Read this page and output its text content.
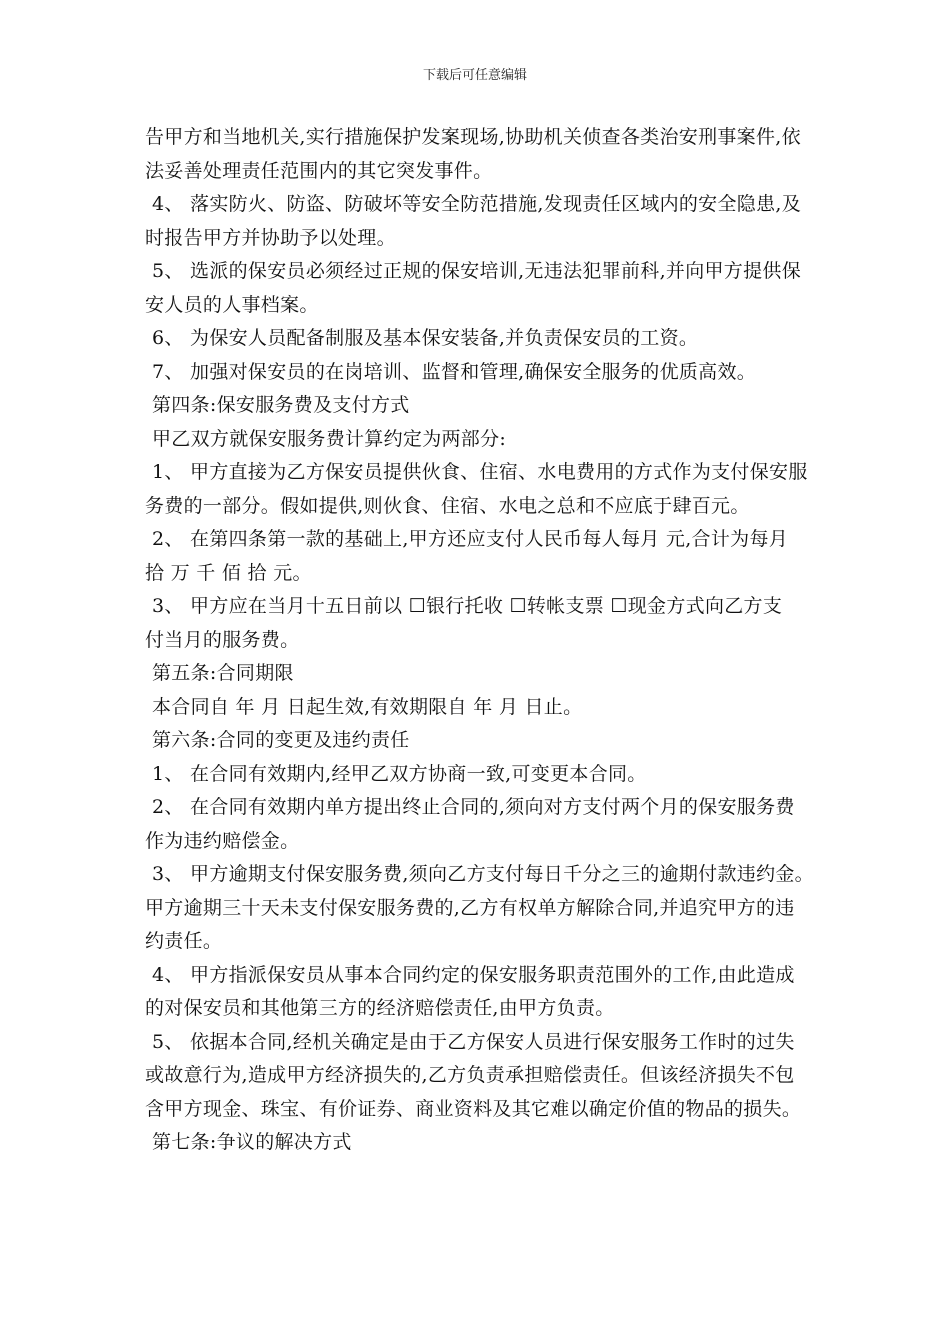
下载后可任意编辑
告甲方和当地机关,实行措施保护发案现场,协助机关侦查各类治安刑事案件,依
法妥善处理责任范围内的其它突发事件。
4、 落实防火、防盗、防破坏等安全防范措施,发现责任区域内的安全隐患,及
时报告甲方并协助予以处理。
5、 选派的保安员必须经过正规的保安培训,无违法犯罪前科,并向甲方提供保
安人员的人事档案。
6、 为保安人员配备制服及基本保安装备,并负责保安员的工资。
7、 加强对保安员的在岗培训、监督和管理,确保安全服务的优质高效。
第四条:保安服务费及支付方式
甲乙双方就保安服务费计算约定为两部分:
1、 甲方直接为乙方保安员提供伙食、住宿、水电费用的方式作为支付保安服
务费的一部分。假如提供,则伙食、住宿、水电之总和不应底于肆百元。
2、 在第四条第一款的基础上,甲方还应支付人民币每人每月 元,合计为每月
拾 万 千 佰 拾 元。
3、 甲方应在当月十五日前以 ☐银行托收 ☐转帐支票 ☐现金方式向乙方支
付当月的服务费。
第五条:合同期限
本合同自 年 月 日起生效,有效期限自 年 月 日止。
第六条:合同的变更及违约责任
1、 在合同有效期内,经甲乙双方协商一致,可变更本合同。
2、 在合同有效期内单方提出终止合同的,须向对方支付两个月的保安服务费
作为违约赔偿金。
3、 甲方逾期支付保安服务费,须向乙方支付每日千分之三的逾期付款违约金。
甲方逾期三十天未支付保安服务费的,乙方有权单方解除合同,并追究甲方的违
约责任。
4、 甲方指派保安员从事本合同约定的保安服务职责范围外的工作,由此造成
的对保安员和其他第三方的经济赔偿责任,由甲方负责。
5、 依据本合同,经机关确定是由于乙方保安人员进行保安服务工作时的过失
或故意行为,造成甲方经济损失的,乙方负责承担赔偿责任。但该经济损失不包
含甲方现金、珠宝、有价证券、商业资料及其它难以确定价值的物品的损失。
第七条:争议的解决方式
